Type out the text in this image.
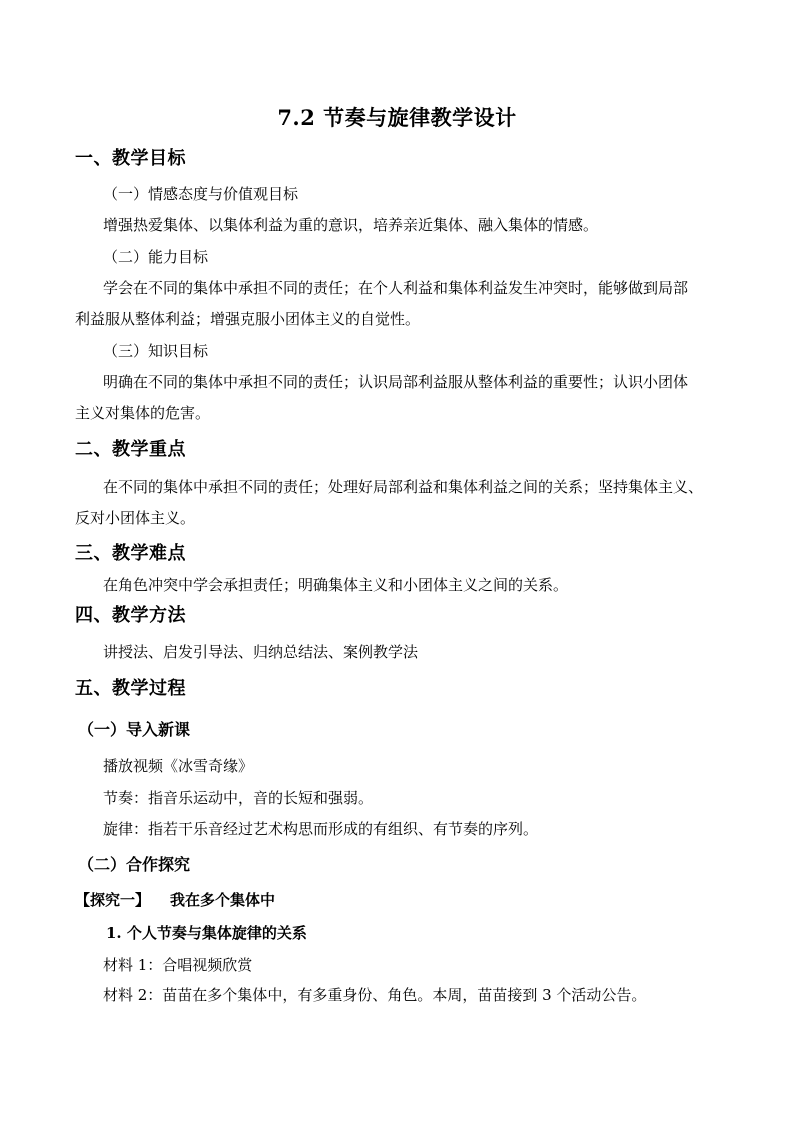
7.2 节奏与旋律教学设计
一、教学目标
（一）情感态度与价值观目标
增强热爱集体、以集体利益为重的意识，培养亲近集体、融入集体的情感。
（二）能力目标
学会在不同的集体中承担不同的责任；在个人利益和集体利益发生冲突时，能够做到局部
利益服从整体利益；增强克服小团体主义的自觉性。
（三）知识目标
明确在不同的集体中承担不同的责任；认识局部利益服从整体利益的重要性；认识小团体
主义对集体的危害。
二、教学重点
在不同的集体中承担不同的责任；处理好局部利益和集体利益之间的关系；坚持集体主义、
反对小团体主义。
三、教学难点
在角色冲突中学会承担责任；明确集体主义和小团体主义之间的关系。
四、教学方法
讲授法、启发引导法、归纳总结法、案例教学法
五、教学过程
（一）导入新课
播放视频《冰雪奇缘》
节奏：指音乐运动中，音的长短和强弱。
旋律：指若干乐音经过艺术构思而形成的有组织、有节奏的序列。
（二）合作探究
【探究一】 我在多个集体中
1. 个人节奏与集体旋律的关系
材料 1：合唱视频欣赏
材料 2：苗苗在多个集体中，有多重身份、角色。本周，苗苗接到 3 个活动公告。
